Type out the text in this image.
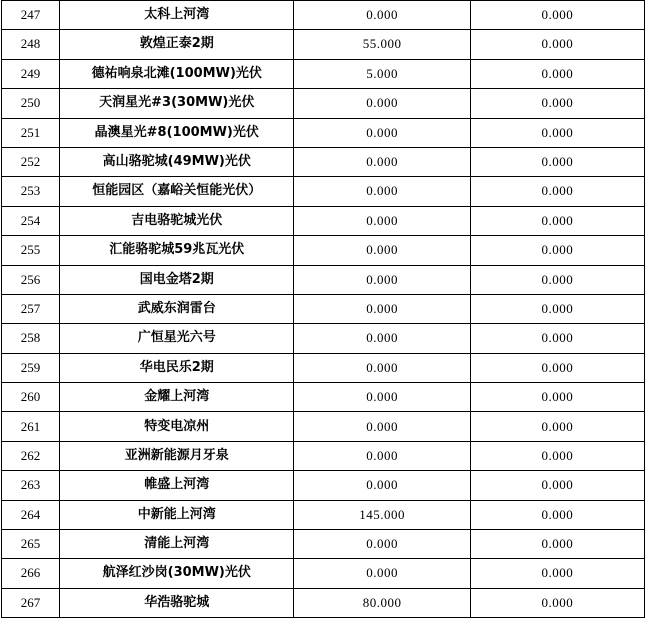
247	太科上河湾	0.000	0.000
248	敦煌正泰2期	55.000	0.000
249	德祐响泉北滩(100MW)光伏	5.000	0.000
250	天润星光#3(30MW)光伏	0.000	0.000
251	晶澳星光#8(100MW)光伏	0.000	0.000
252	高山骆驼城(49MW)光伏	0.000	0.000
253	恒能园区（嘉峪关恒能光伏）	0.000	0.000
254	吉电骆驼城光伏	0.000	0.000
255	汇能骆驼城59兆瓦光伏	0.000	0.000
256	国电金塔2期	0.000	0.000
257	武威东润雷台	0.000	0.000
258	广恒星光六号	0.000	0.000
259	华电民乐2期	0.000	0.000
260	金耀上河湾	0.000	0.000
261	特变电凉州	0.000	0.000
262	亚洲新能源月牙泉	0.000	0.000
263	帷盛上河湾	0.000	0.000
264	中新能上河湾	145.000	0.000
265	清能上河湾	0.000	0.000
266	航泽红沙岗(30MW)光伏	0.000	0.000
267	华浩骆驼城	80.000	0.000
